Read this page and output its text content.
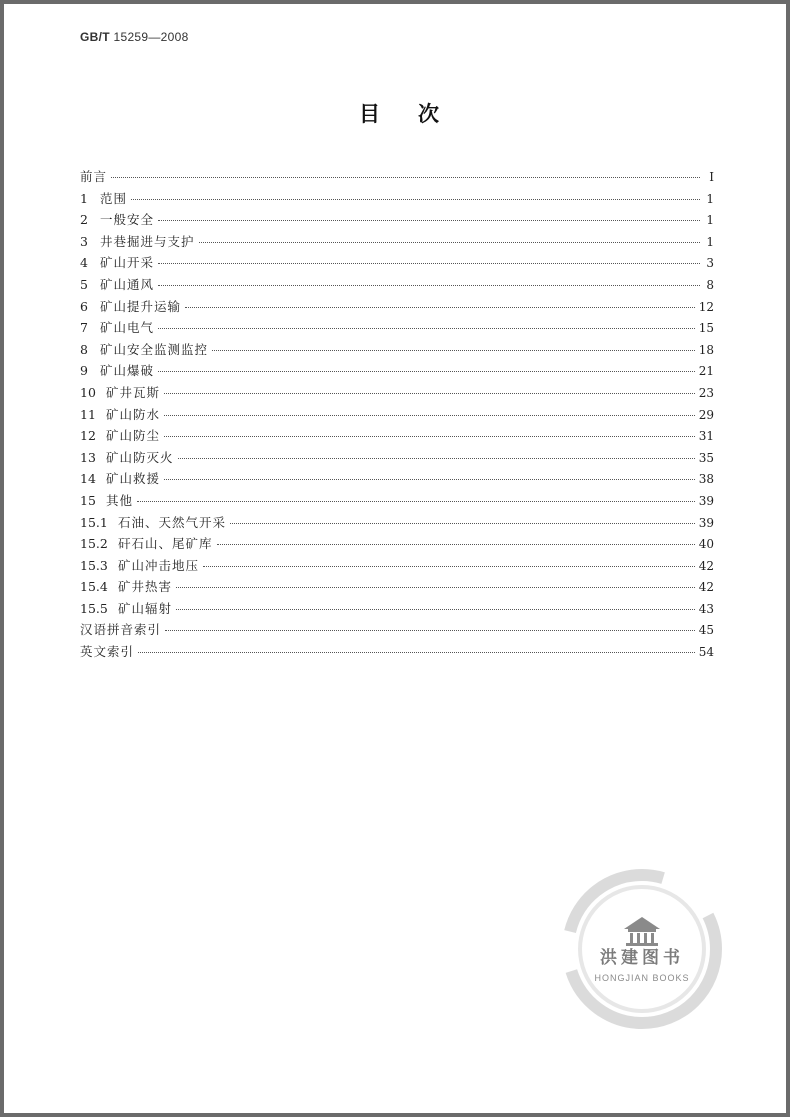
GB/T 15259—2008
目次
前言	Ⅰ
1 范围	1
2 一般安全	1
3 井巷掘进与支护	1
4 矿山开采	3
5 矿山通风	8
6 矿山提升运输	12
7 矿山电气	15
8 矿山安全监测监控	18
9 矿山爆破	21
10 矿井瓦斯	23
11 矿山防水	29
12 矿山防尘	31
13 矿山防灭火	35
14 矿山救援	38
15 其他	39
15.1 石油、天然气开采	39
15.2 矸石山、尾矿库	40
15.3 矿山冲击地压	42
15.4 矿井热害	42
15.5 矿山辐射	43
汉语拼音索引	45
英文索引	54
洪建图书
HONGJIAN BOOKS
